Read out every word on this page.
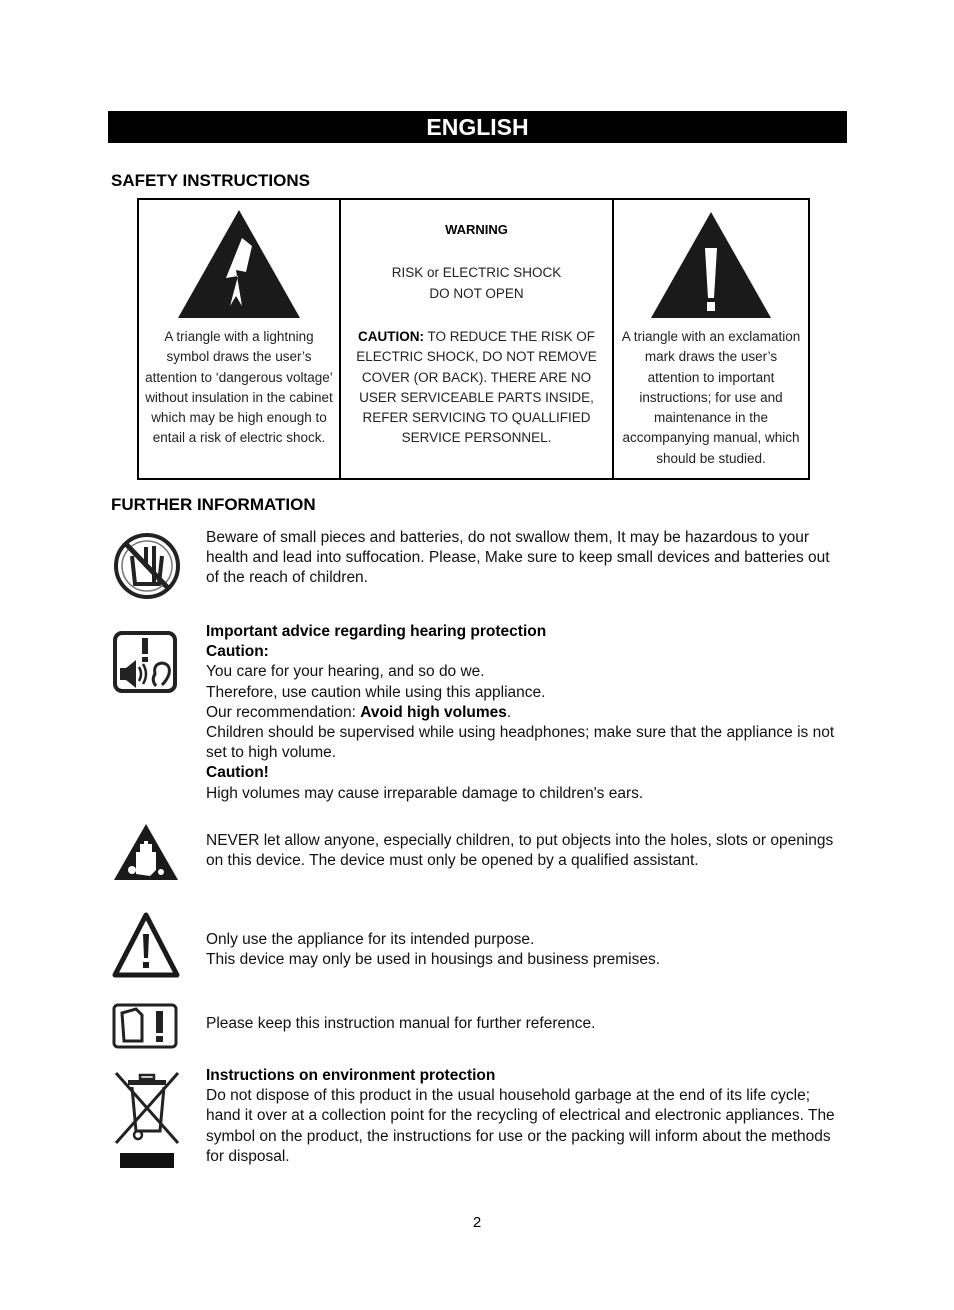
ENGLISH
SAFETY INSTRUCTIONS
A triangle with a lightning symbol draws the user’s attention to ‘dangerous voltage’ without insulation in the cabinet which may be high enough to entail a risk of electric shock.
WARNING
RISK or ELECTRIC SHOCK
DO NOT OPEN
CAUTION: TO REDUCE THE RISK OF ELECTRIC SHOCK, DO NOT REMOVE COVER (OR BACK). THERE ARE NO USER SERVICEABLE PARTS INSIDE, REFER SERVICING TO QUALLIFIED SERVICE PERSONNEL.
A triangle with an exclamation mark draws the user’s attention to important instructions; for use and maintenance in the accompanying manual, which should be studied.
FURTHER INFORMATION
Beware of small pieces and batteries, do not swallow them, It may be hazardous to your health and lead into suffocation. Please, Make sure to keep small devices and batteries out of the reach of children.
Important advice regarding hearing protection
Caution:
You care for your hearing, and so do we.
Therefore, use caution while using this appliance.
Our recommendation: Avoid high volumes.
Children should be supervised while using headphones; make sure that the appliance is not set to high volume.
Caution!
High volumes may cause irreparable damage to children's ears.
NEVER let allow anyone, especially children, to put objects into the holes, slots or openings on this device. The device must only be opened by a qualified assistant.
Only use the appliance for its intended purpose.
This device may only be used in housings and business premises.
Please keep this instruction manual for further reference.
Instructions on environment protection
Do not dispose of this product in the usual household garbage at the end of its life cycle; hand it over at a collection point for the recycling of electrical and electronic appliances. The symbol on the product, the instructions for use or the packing will inform about the methods for disposal.
2
